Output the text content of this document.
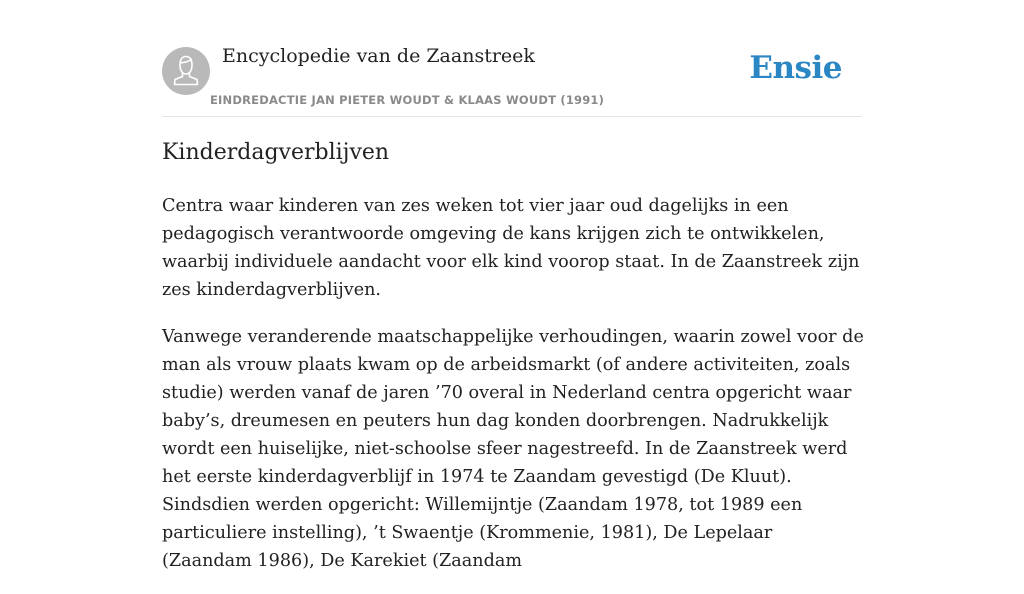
Encyclopedie van de Zaanstreek
EINDREDACTIE JAN PIETER WOUDT & KLAAS WOUDT (1991)
Ensie
Kinderdagverblijven

Centra waar kinderen van zes weken tot vier jaar oud dagelijks in een pedagogisch verantwoorde omgeving de kans krijgen zich te ontwikkelen, waarbij individuele aandacht voor elk kind voorop staat. In de Zaanstreek zijn zes kinderdagverblijven.

Vanwege veranderende maatschappelijke verhoudingen, waarin zowel voor de man als vrouw plaats kwam op de arbeidsmarkt (of andere activiteiten, zoals studie) werden vanaf de jaren ’70 overal in Nederland centra opgericht waar baby’s, dreumesen en peuters hun dag konden doorbrengen. Nadrukkelijk wordt een huiselijke, niet-schoolse sfeer nagestreefd. In de Zaanstreek werd het eerste kinderdagverblijf in 1974 te Zaandam gevestigd (De Kluut). Sindsdien werden opgericht: Willemijntje (Zaandam 1978, tot 1989 een particuliere instelling), ’t Swaentje (Krommenie, 1981), De Lepelaar (Zaandam 1986), De Karekiet (Zaandam
